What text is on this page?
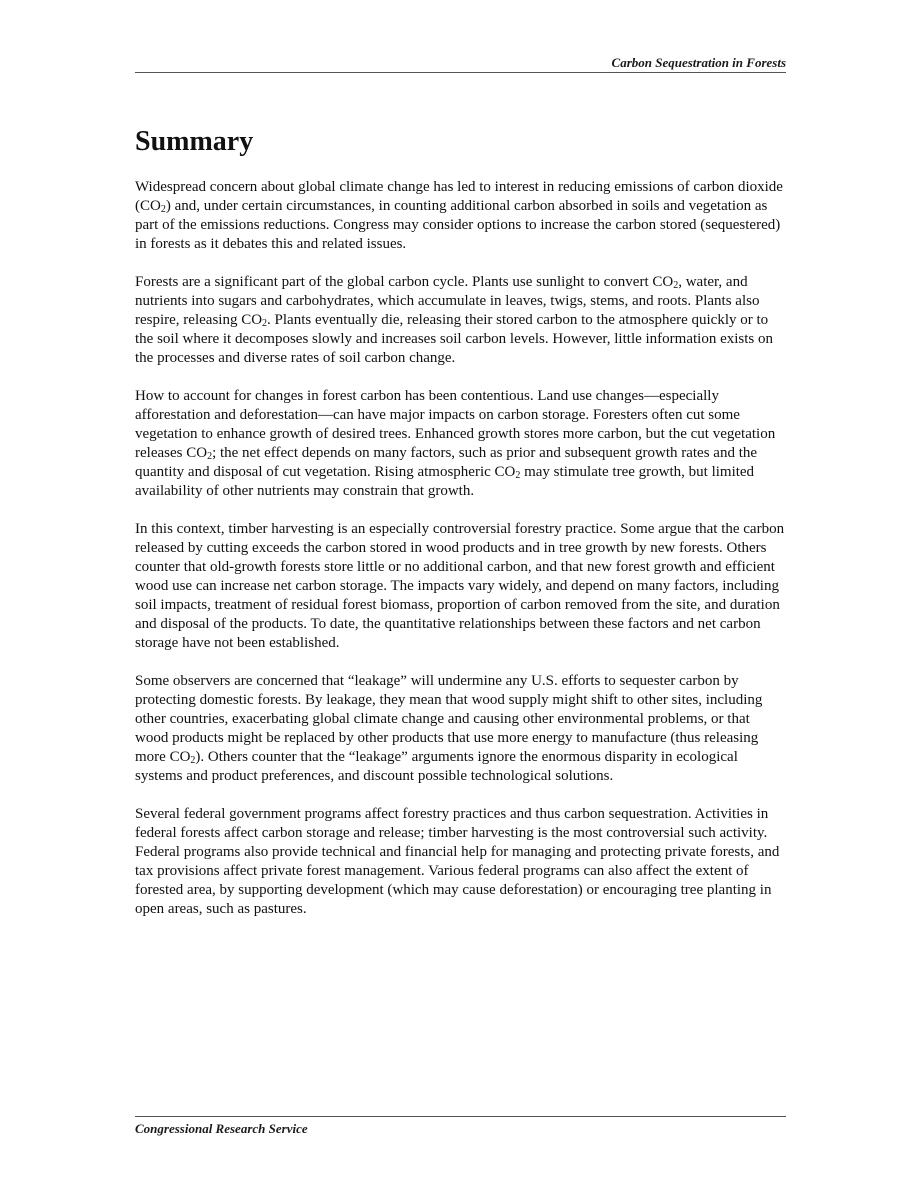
Carbon Sequestration in Forests
Summary

Widespread concern about global climate change has led to interest in reducing emissions of carbon dioxide $(CO_2)$ and, under certain circumstances, in counting additional carbon absorbed in soils and vegetation as part of the emissions reductions. Congress may consider options to increase the carbon stored (sequestered) in forests as it debates this and related issues.

Forests are a significant part of the global carbon cycle. Plants use sunlight to convert $CO_2$, water, and nutrients into sugars and carbohydrates, which accumulate in leaves, twigs, stems, and roots. Plants also respire, releasing $CO_2$. Plants eventually die, releasing their stored carbon to the atmosphere quickly or to the soil where it decomposes slowly and increases soil carbon levels. However, little information exists on the processes and diverse rates of soil carbon change.

How to account for changes in forest carbon has been contentious. Land use changes—especially afforestation and deforestation—can have major impacts on carbon storage. Foresters often cut some vegetation to enhance growth of desired trees. Enhanced growth stores more carbon, but the cut vegetation releases $CO_2$; the net effect depends on many factors, such as prior and subsequent growth rates and the quantity and disposal of cut vegetation. Rising atmospheric $CO_2$ may stimulate tree growth, but limited availability of other nutrients may constrain that growth.

In this context, timber harvesting is an especially controversial forestry practice. Some argue that the carbon released by cutting exceeds the carbon stored in wood products and in tree growth by new forests. Others counter that old-growth forests store little or no additional carbon, and that new forest growth and efficient wood use can increase net carbon storage. The impacts vary widely, and depend on many factors, including soil impacts, treatment of residual forest biomass, proportion of carbon removed from the site, and duration and disposal of the products. To date, the quantitative relationships between these factors and net carbon storage have not been established.

Some observers are concerned that “leakage” will undermine any U.S. efforts to sequester carbon by protecting domestic forests. By leakage, they mean that wood supply might shift to other sites, including other countries, exacerbating global climate change and causing other environmental problems, or that wood products might be replaced by other products that use more energy to manufacture (thus releasing more $CO_2$). Others counter that the “leakage” arguments ignore the enormous disparity in ecological systems and product preferences, and discount possible technological solutions.

Several federal government programs affect forestry practices and thus carbon sequestration. Activities in federal forests affect carbon storage and release; timber harvesting is the most controversial such activity. Federal programs also provide technical and financial help for managing and protecting private forests, and tax provisions affect private forest management. Various federal programs can also affect the extent of forested area, by supporting development (which may cause deforestation) or encouraging tree planting in open areas, such as pastures.

Congressional Research Service
